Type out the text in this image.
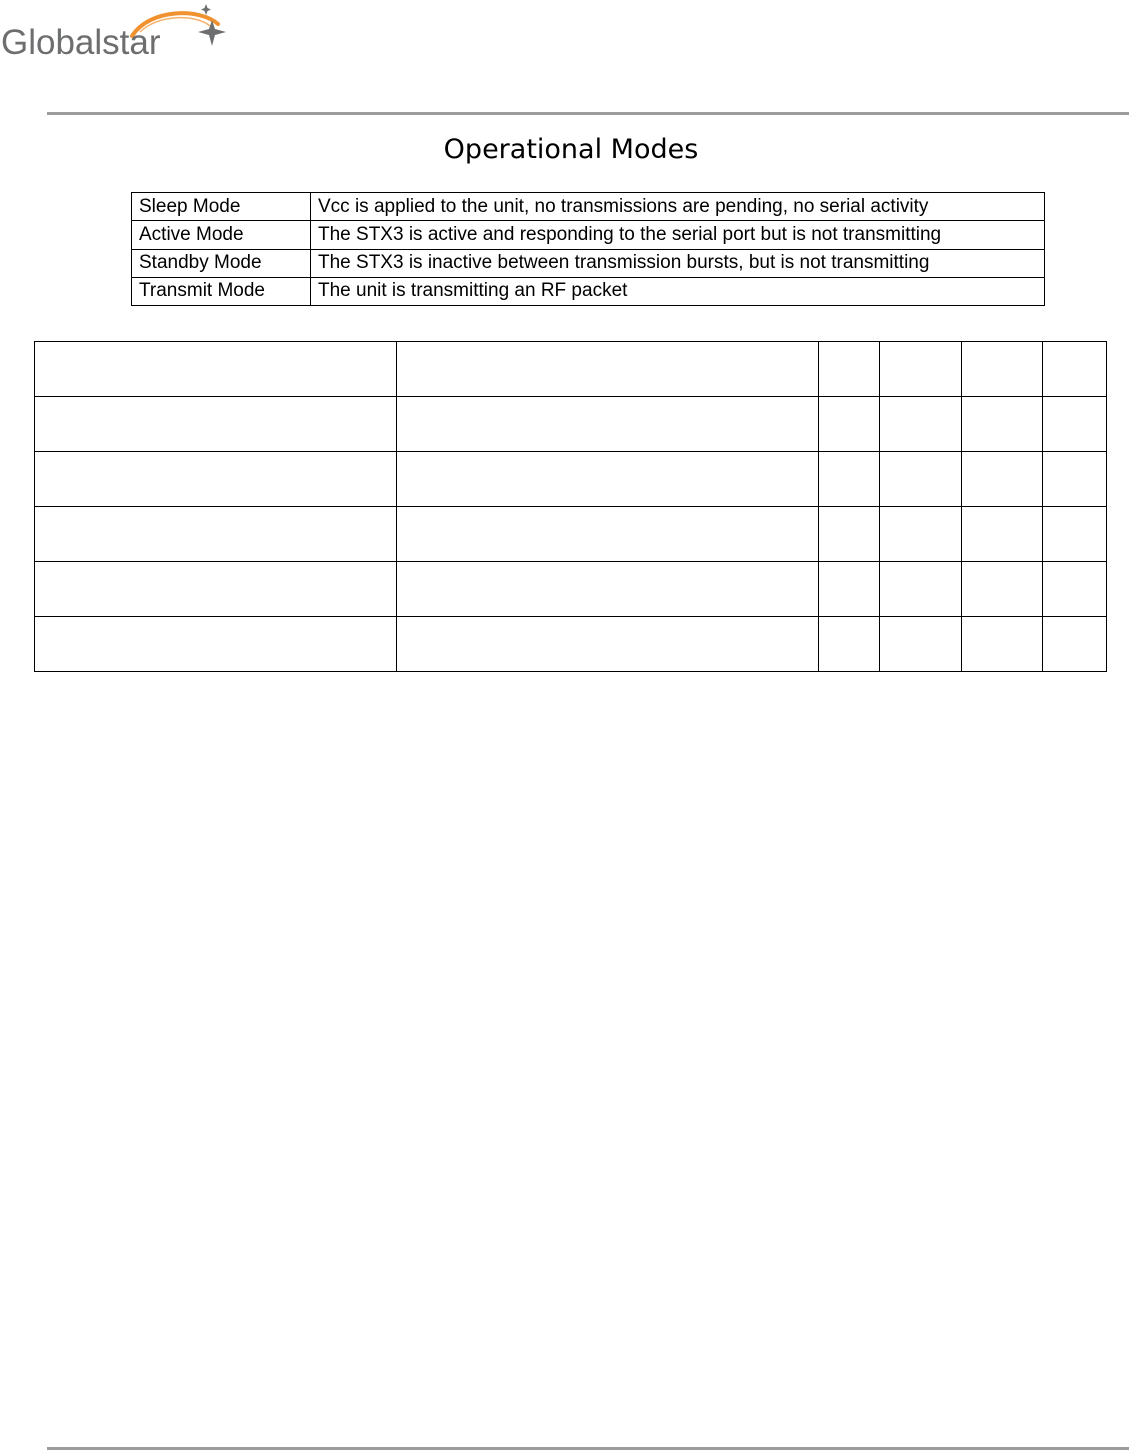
Globalstar
Operational Modes
Sleep Mode	Vcc is applied to the unit, no transmissions are pending, no serial activity
Active Mode	The STX3 is active and responding to the serial port but is not transmitting
Standby Mode	The STX3 is inactive between transmission bursts, but is not transmitting
Transmit Mode	The unit is transmitting an RF packet
